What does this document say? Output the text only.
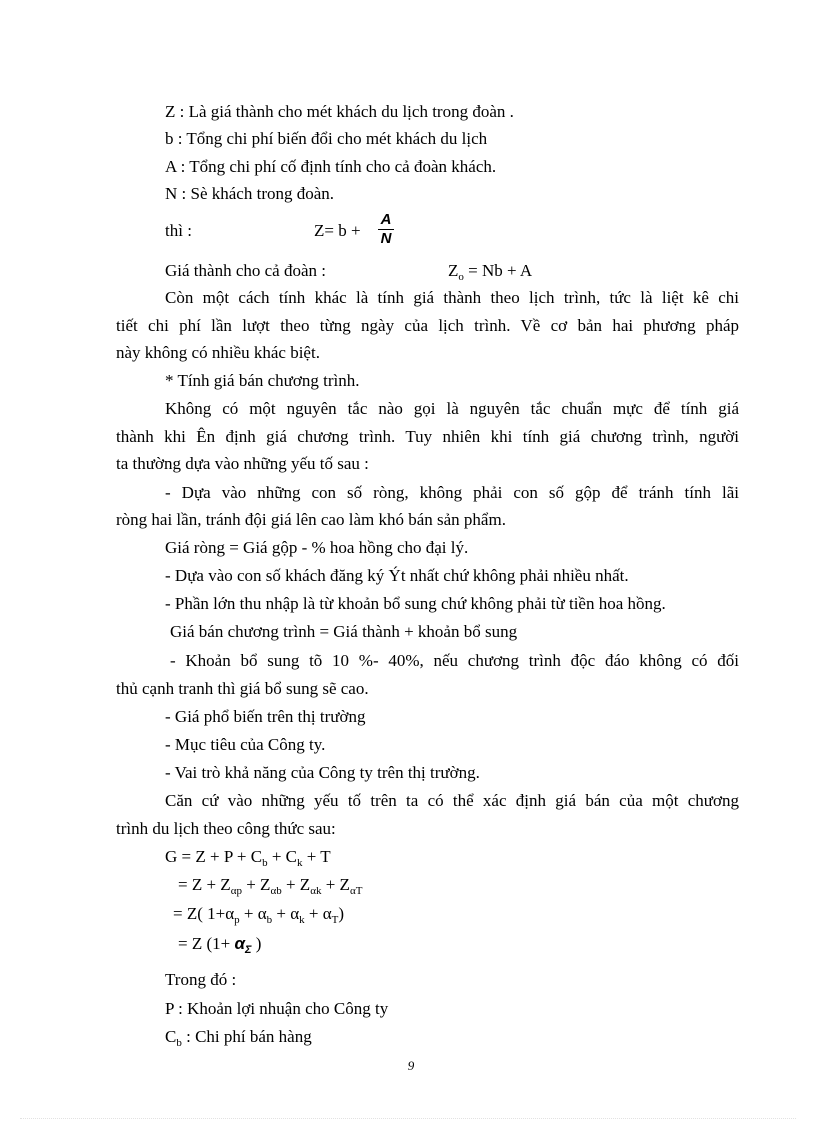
Z : Là giá thành cho mét khách du lịch trong đoàn .
b : Tổng chi phí biến đổi cho mét khách du lịch
A : Tổng chi phí cố định tính cho cả đoàn khách.
N : Sè khách trong đoàn.
thì :	Z= b +
A
N
Giá thành cho cả đoàn :	$Z_o = Nb + A$
Còn một cách tính khác là tính giá thành theo lịch trình, tức là liệt kê chi
tiết chi phí lần lượt theo từng ngày của lịch trình. Về cơ bản hai phương pháp
này không có nhiều khác biệt.
* Tính giá bán chương trình.
Không có một nguyên tắc nào gọi là nguyên tắc chuẩn mực để tính giá
thành khi Ên định giá chương trình. Tuy nhiên khi tính giá chương trình, người
ta thường dựa vào những yếu tố sau :
- Dựa vào những con số ròng, không phải con số gộp để tránh tính lãi
ròng hai lần, tránh đội giá lên cao làm khó bán sản phẩm.
Giá ròng = Giá gộp - % hoa hồng cho đại lý.
- Dựa vào con số khách đăng ký Ýt nhất chứ không phải nhiều nhất.
- Phần lớn thu nhập là từ khoản bổ sung chứ không phải từ tiền hoa hồng.
Giá bán chương trình = Giá thành + khoản bổ sung
- Khoản bổ sung tõ 10 %- 40%, nếu chương trình độc đáo không có đối
thủ cạnh tranh thì giá bổ sung sẽ cao.
- Giá phổ biến trên thị trường
- Mục tiêu của Công ty.
- Vai trò khả năng của Công ty trên thị trường.
Căn cứ vào những yếu tố trên ta có thể xác định giá bán của một chương
trình du lịch theo công thức sau:
$G = Z + P + C_b + C_k + T$
= $Z + Z_{\alpha p} + Z_{\alpha b} + Z_{\alpha k} + Z_{\alpha T}$
= Z( $1+\alpha_p + \alpha_b + \alpha_k + \alpha_T$)
= Z ($1+ \alpha_\Sigma$ )
Trong đó :
P : Khoản lợi nhuận cho Công ty
$C_b$ : Chi phí bán hàng
9
